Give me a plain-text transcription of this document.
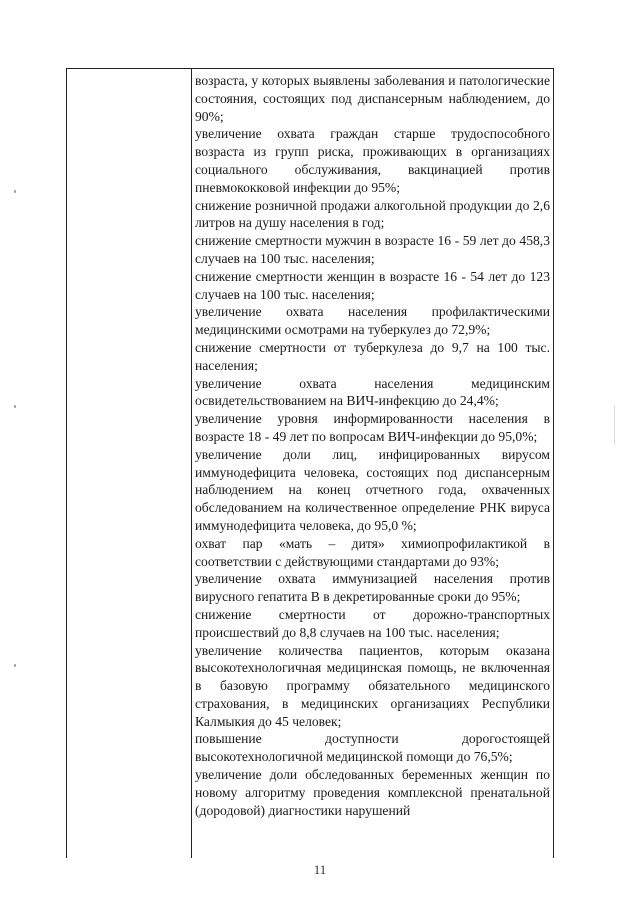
возраста, у которых выявлены заболевания и патологические состояния, состоящих под диспансерным наблюдением, до 90%;

увеличение охвата граждан старше трудоспособного возраста из групп риска, проживающих в организациях социального обслуживания, вакцинацией против пневмококковой инфекции до 95%;

снижение розничной продажи алкогольной продукции до 2,6 литров на душу населения в год;

снижение смертности мужчин в возрасте 16 - 59 лет до 458,3 случаев на 100 тыс. населения;

снижение смертности женщин в возрасте 16 - 54 лет до 123 случаев на 100 тыс. населения;

увеличение охвата населения профилактическими медицинскими осмотрами на туберкулез до 72,9%;

снижение смертности от туберкулеза до 9,7 на 100 тыс. населения;

увеличение охвата населения медицинским освидетельствованием на ВИЧ-инфекцию до 24,4%;

увеличение уровня информированности населения в возрасте 18 - 49 лет по вопросам ВИЧ-инфекции до 95,0%;

увеличение доли лиц, инфицированных вирусом иммунодефицита человека, состоящих под диспансерным наблюдением на конец отчетного года, охваченных обследованием на количественное определение РНК вируса иммунодефицита человека, до 95,0 %;

охват пар «мать – дитя» химиопрофилактикой в соответствии с действующими стандартами до 93%;

увеличение охвата иммунизацией населения против вирусного гепатита В в декретированные сроки до 95%;

снижение смертности от дорожно-транспортных происшествий до 8,8 случаев на 100 тыс. населения;

увеличение количества пациентов, которым оказана высокотехнологичная медицинская помощь, не включенная в базовую программу обязательного медицинского страхования, в медицинских организациях Республики Калмыкия до 45 человек;

повышение доступности дорогостоящей высокотехнологичной медицинской помощи до 76,5%;

увеличение доли обследованных беременных женщин по новому алгоритму проведения комплексной пренатальной (дородовой) диагностики нарушений

11
